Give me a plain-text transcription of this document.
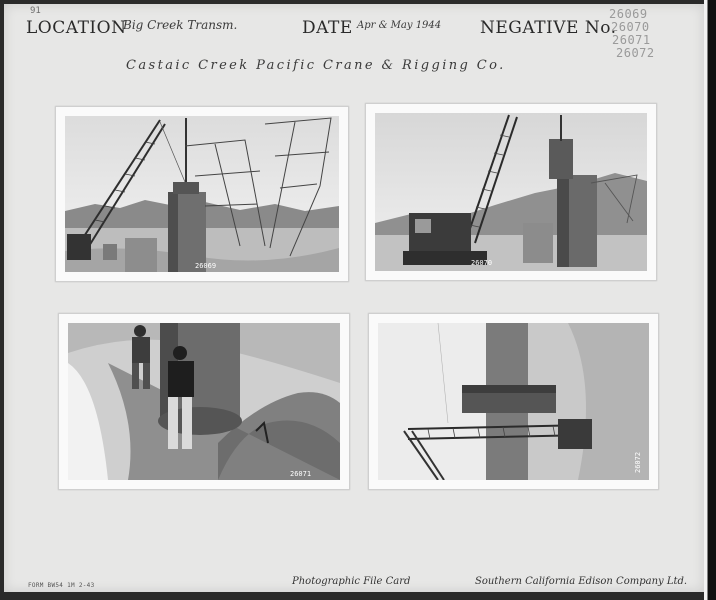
91
LOCATION
Big Creek Transm.	DATE Apr & May 1944 NEGATIVE No.
26069
26070
26071
26072
Castaic Creek Pacific Crane & Rigging Co.
26069	26070
26071
26072
FORM BW54 1M 2-43	Photographic File Card	Southern California Edison Company Ltd.
